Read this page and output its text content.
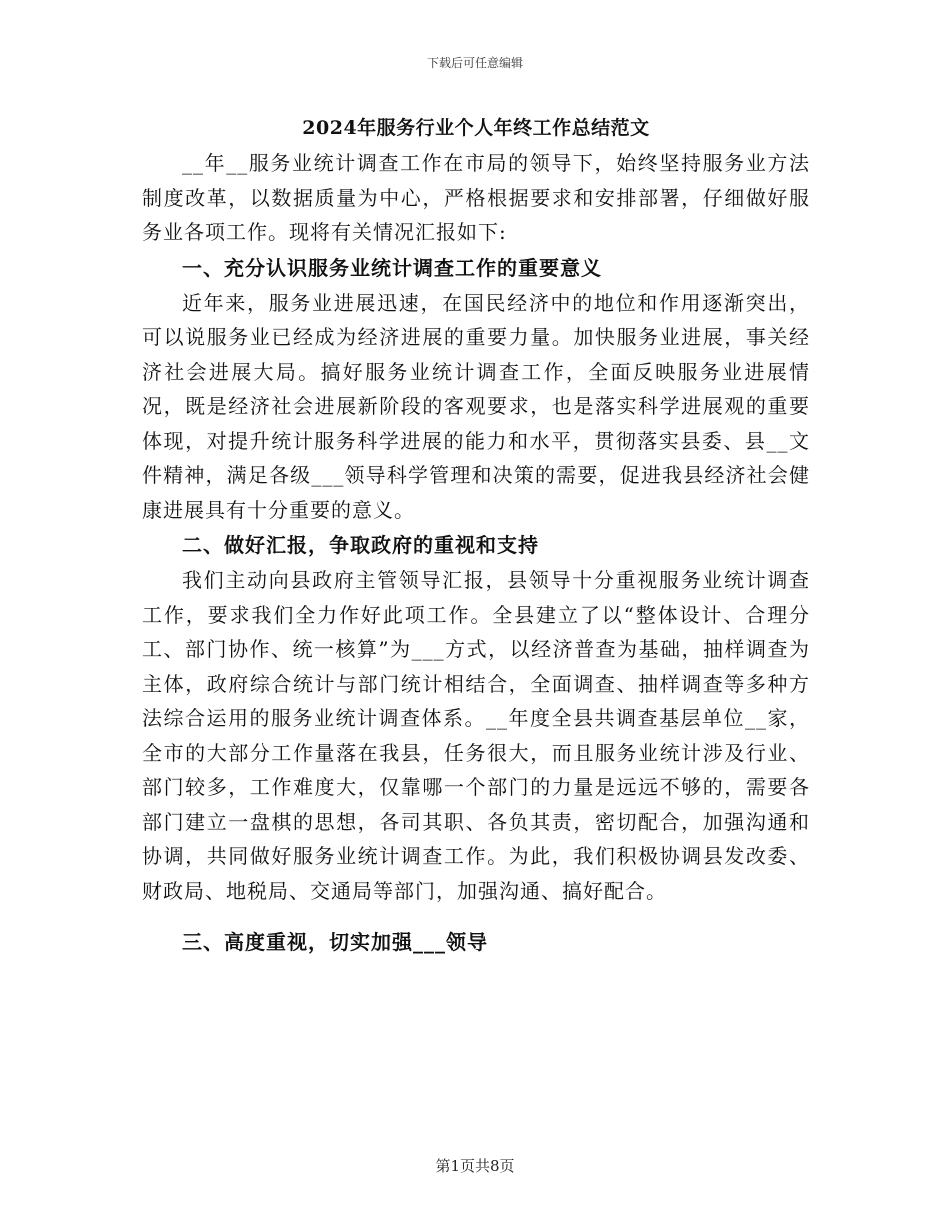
下载后可任意编辑
2024年服务行业个人年终工作总结范文

__年__服务业统计调查工作在市局的领导下，始终坚持服务业方法制度改革，以数据质量为中心，严格根据要求和安排部署，仔细做好服务业各项工作。现将有关情况汇报如下:

一、充分认识服务业统计调查工作的重要意义

近年来，服务业进展迅速，在国民经济中的地位和作用逐渐突出，可以说服务业已经成为经济进展的重要力量。加快服务业进展，事关经济社会进展大局。搞好服务业统计调查工作，全面反映服务业进展情况，既是经济社会进展新阶段的客观要求，也是落实科学进展观的重要体现，对提升统计服务科学进展的能力和水平，贯彻落实县委、县__文件精神，满足各级___领导科学管理和决策的需要，促进我县经济社会健康进展具有十分重要的意义。

二、做好汇报，争取政府的重视和支持

我们主动向县政府主管领导汇报，县领导十分重视服务业统计调查工作，要求我们全力作好此项工作。全县建立了以“整体设计、合理分工、部门协作、统一核算”为___方式，以经济普查为基础，抽样调查为主体，政府综合统计与部门统计相结合，全面调查、抽样调查等多种方法综合运用的服务业统计调查体系。__年度全县共调查基层单位__家，全市的大部分工作量落在我县，任务很大，而且服务业统计涉及行业、部门较多，工作难度大，仅靠哪一个部门的力量是远远不够的，需要各部门建立一盘棋的思想，各司其职、各负其责，密切配合，加强沟通和协调，共同做好服务业统计调查工作。为此，我们积极协调县发改委、财政局、地税局、交通局等部门，加强沟通、搞好配合。

三、高度重视，切实加强___领导
第1页共8页
